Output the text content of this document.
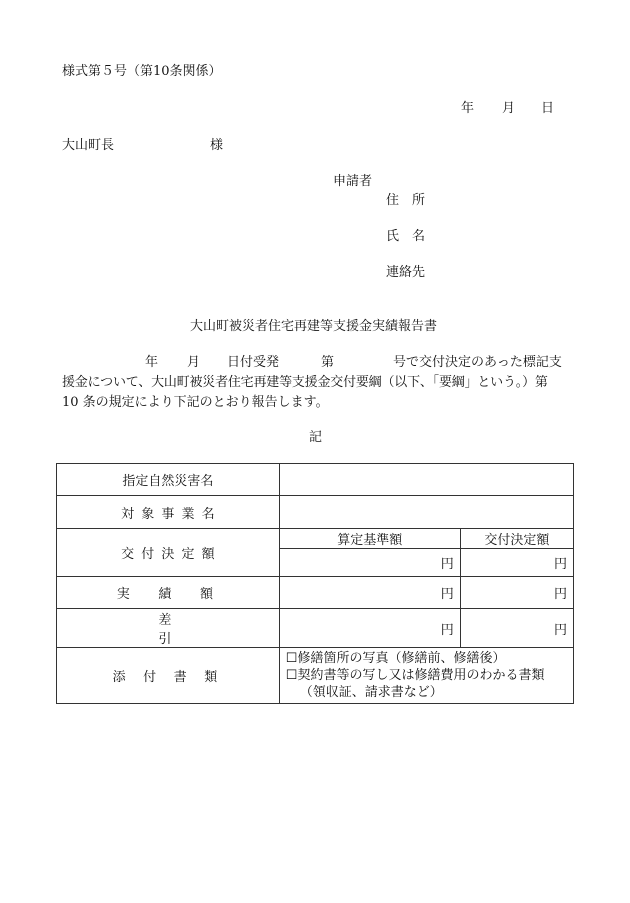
様式第５号（第10条関係）
年 月 日
大山町長	様
申請者
住　所
氏　名
連絡先
大山町被災者住宅再建等支援金実績報告書
年 月 日付受発	第	号で交付決定のあった標記支
援金について、大山町被災者住宅再建等支援金交付要綱（以下、「要綱」という。）第
10 条の規定により下記のとおり報告します。
記
指定自然災害名		
対象事業名		
交付決定額	算定基準額	交付決定額
	円	円
実績額	円	円
差引	円	円
添付書類	☐修繕箇所の写真（修繕前、修繕後）
☐契約書等の写し又は修繕費用のわかる書類
（領収証、請求書など）	
